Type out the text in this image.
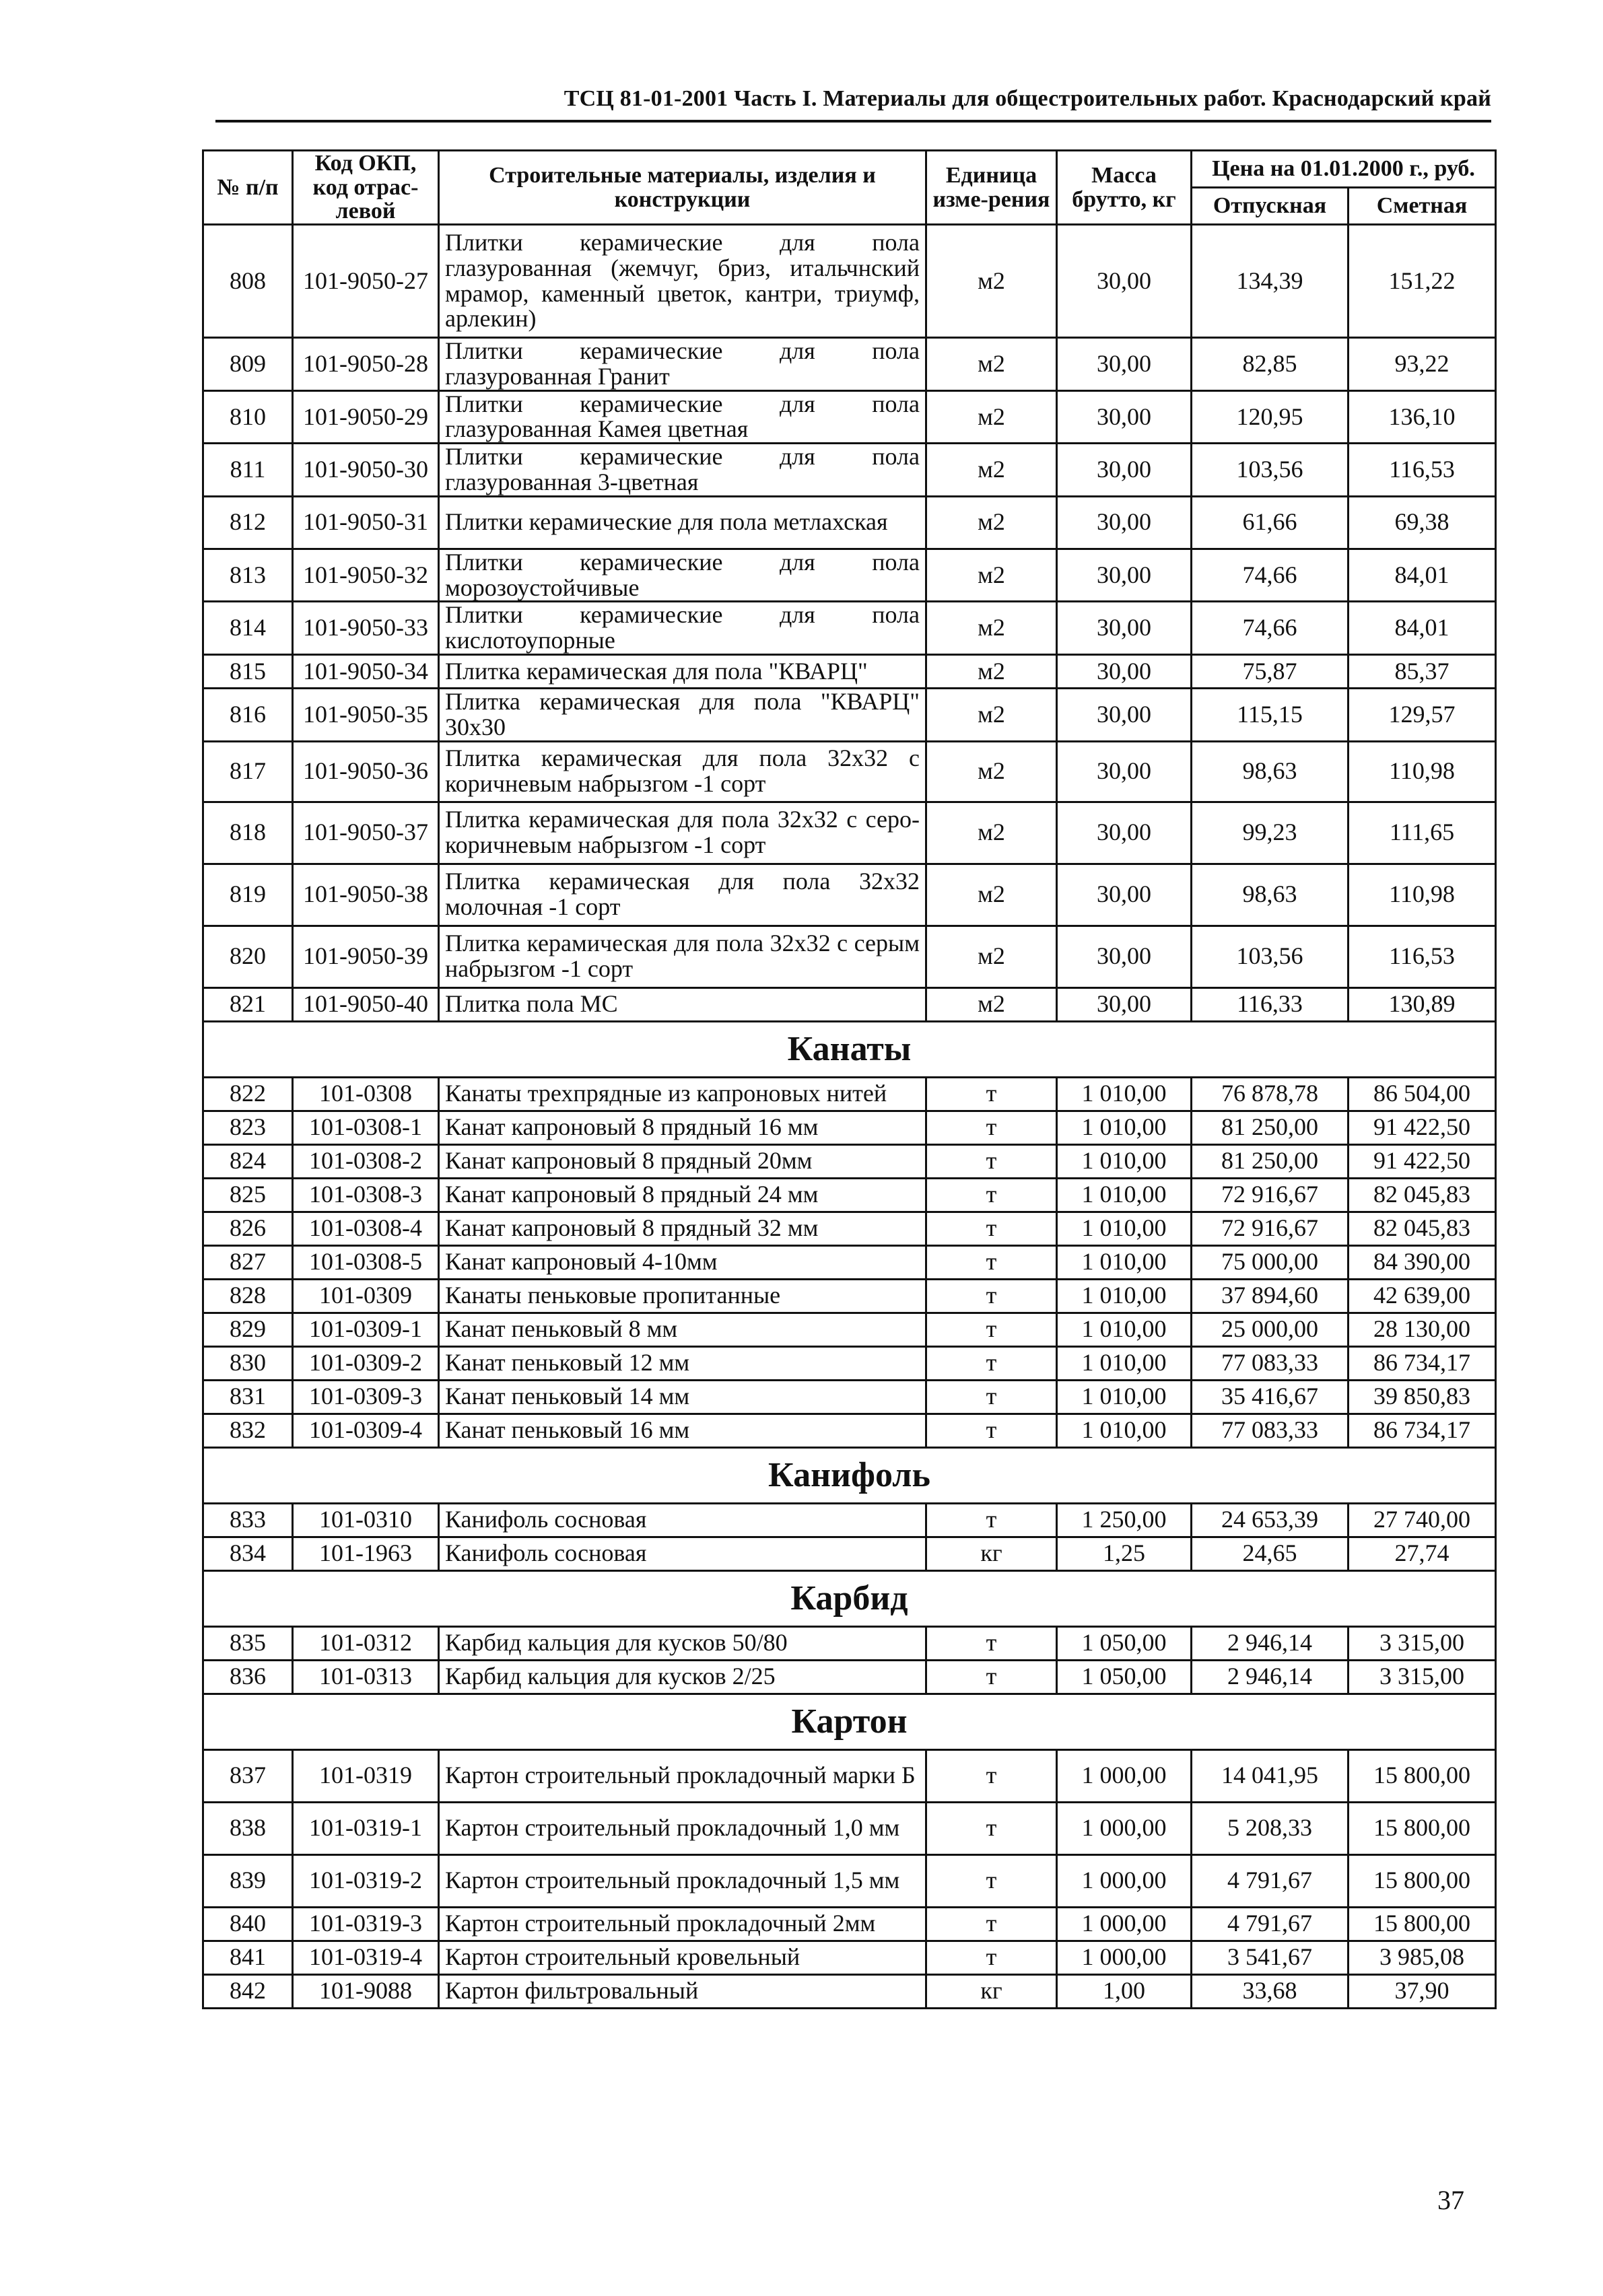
ТСЦ 81-01-2001 Часть I. Материалы для общестроительных работ. Краснодарский край
№ п/п	Код ОКП, код отрас-левой	Строительные материалы, изделия и конструкции	Единица изме-рения	Масса брутто, кг	Цена на 01.01.2000 г., руб.	
					Отпускная	Сметная
808	101-9050-27	Плитки керамические для пола глазурованная (жемчуг, бриз, итальчнский мрамор, каменный цветок, кантри, триумф, арлекин)	м2	30,00	134,39	151,22
809	101-9050-28	Плитки керамические для пола глазурованная Гранит	м2	30,00	82,85	93,22
810	101-9050-29	Плитки керамические для пола глазурованная Камея цветная	м2	30,00	120,95	136,10
811	101-9050-30	Плитки керамические для пола глазурованная 3-цветная	м2	30,00	103,56	116,53
812	101-9050-31	Плитки керамические для пола метлахская	м2	30,00	61,66	69,38
813	101-9050-32	Плитки керамические для пола морозоустойчивые	м2	30,00	74,66	84,01
814	101-9050-33	Плитки керамические для пола кислотоупорные	м2	30,00	74,66	84,01
815	101-9050-34	Плитка керамическая для пола "КВАРЦ"	м2	30,00	75,87	85,37
816	101-9050-35	Плитка керамическая для пола "КВАРЦ" 30х30	м2	30,00	115,15	129,57
817	101-9050-36	Плитка керамическая для пола 32х32 с коричневым набрызгом -1 сорт	м2	30,00	98,63	110,98
818	101-9050-37	Плитка керамическая для пола 32х32 с серо-коричневым набрызгом -1 сорт	м2	30,00	99,23	111,65
819	101-9050-38	Плитка керамическая для пола 32х32 молочная -1 сорт	м2	30,00	98,63	110,98
820	101-9050-39	Плитка керамическая для пола 32х32 с серым набрызгом -1 сорт	м2	30,00	103,56	116,53
821	101-9050-40	Плитка пола МС	м2	30,00	116,33	130,89
Канаты						
822	101-0308	Канаты трехпрядные из капроновых нитей	т	1 010,00	76 878,78	86 504,00
823	101-0308-1	Канат капроновый 8 прядный 16 мм	т	1 010,00	81 250,00	91 422,50
824	101-0308-2	Канат капроновый 8 прядный 20мм	т	1 010,00	81 250,00	91 422,50
825	101-0308-3	Канат капроновый 8 прядный 24 мм	т	1 010,00	72 916,67	82 045,83
826	101-0308-4	Канат капроновый 8 прядный 32 мм	т	1 010,00	72 916,67	82 045,83
827	101-0308-5	Канат капроновый 4-10мм	т	1 010,00	75 000,00	84 390,00
828	101-0309	Канаты пеньковые пропитанные	т	1 010,00	37 894,60	42 639,00
829	101-0309-1	Канат пеньковый 8 мм	т	1 010,00	25 000,00	28 130,00
830	101-0309-2	Канат пеньковый 12 мм	т	1 010,00	77 083,33	86 734,17
831	101-0309-3	Канат пеньковый 14 мм	т	1 010,00	35 416,67	39 850,83
832	101-0309-4	Канат пеньковый 16 мм	т	1 010,00	77 083,33	86 734,17
Канифоль						
833	101-0310	Канифоль сосновая	т	1 250,00	24 653,39	27 740,00
834	101-1963	Канифоль сосновая	кг	1,25	24,65	27,74
Карбид						
835	101-0312	Карбид кальция для кусков 50/80	т	1 050,00	2 946,14	3 315,00
836	101-0313	Карбид кальция для кусков 2/25	т	1 050,00	2 946,14	3 315,00
Картон						
837	101-0319	Картон строительный прокладочный марки Б	т	1 000,00	14 041,95	15 800,00
838	101-0319-1	Картон строительный прокладочный 1,0 мм	т	1 000,00	5 208,33	15 800,00
839	101-0319-2	Картон строительный прокладочный 1,5 мм	т	1 000,00	4 791,67	15 800,00
840	101-0319-3	Картон строительный прокладочный 2мм	т	1 000,00	4 791,67	15 800,00
841	101-0319-4	Картон строительный кровельный	т	1 000,00	3 541,67	3 985,08
842	101-9088	Картон фильтровальный	кг	1,00	33,68	37,90
37
